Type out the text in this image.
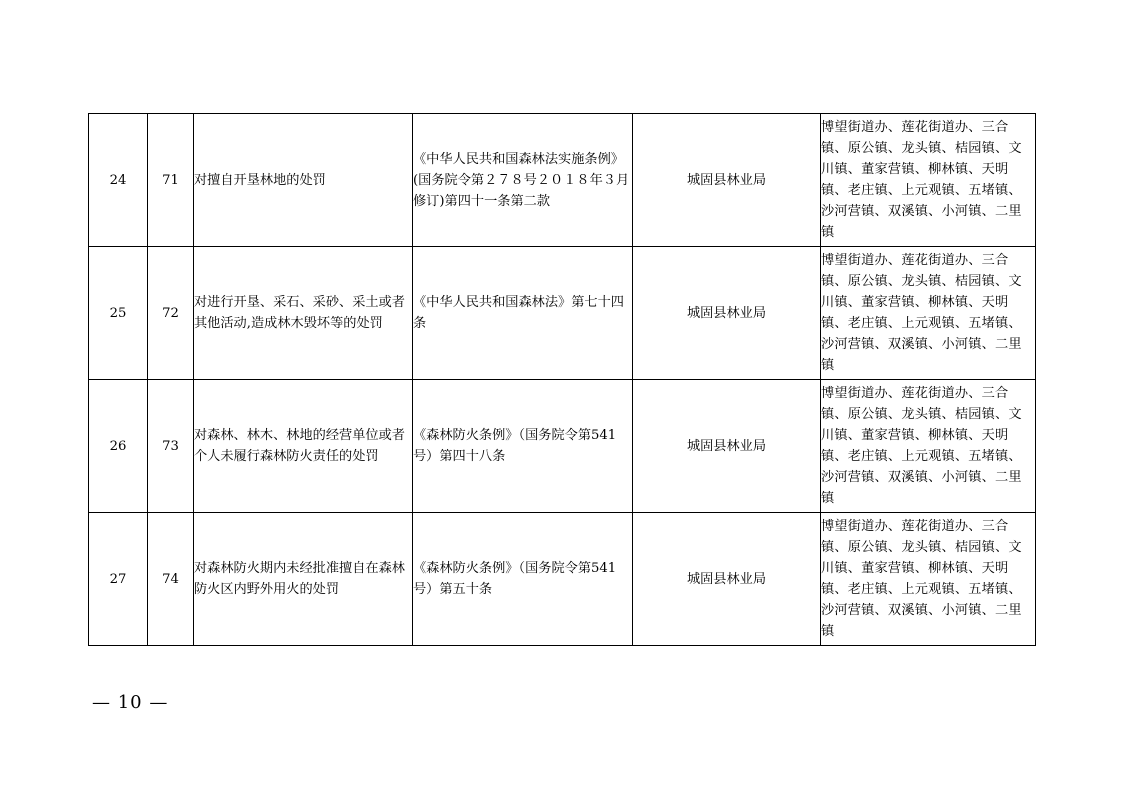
24	71	对擅自开垦林地的处罚	《中华人民共和国森林法实施条例》(国务院令第２７８号２０１８年３月修订)第四十一条第二款	城固县林业局	博望街道办、莲花街道办、三合镇、原公镇、龙头镇、桔园镇、文川镇、董家营镇、柳林镇、天明镇、老庄镇、上元观镇、五堵镇、沙河营镇、双溪镇、小河镇、二里镇
25	72	对进行开垦、采石、采砂、采土或者其他活动,造成林木毁坏等的处罚	《中华人民共和国森林法》第七十四条	城固县林业局	博望街道办、莲花街道办、三合镇、原公镇、龙头镇、桔园镇、文川镇、董家营镇、柳林镇、天明镇、老庄镇、上元观镇、五堵镇、沙河营镇、双溪镇、小河镇、二里镇
26	73	对森林、林木、林地的经营单位或者个人未履行森林防火责任的处罚	《森林防火条例》（国务院令第541号）第四十八条	城固县林业局	博望街道办、莲花街道办、三合镇、原公镇、龙头镇、桔园镇、文川镇、董家营镇、柳林镇、天明镇、老庄镇、上元观镇、五堵镇、沙河营镇、双溪镇、小河镇、二里镇
27	74	对森林防火期内未经批准擅自在森林防火区内野外用火的处罚	《森林防火条例》（国务院令第541号）第五十条	城固县林业局	博望街道办、莲花街道办、三合镇、原公镇、龙头镇、桔园镇、文川镇、董家营镇、柳林镇、天明镇、老庄镇、上元观镇、五堵镇、沙河营镇、双溪镇、小河镇、二里镇
— 10 —
